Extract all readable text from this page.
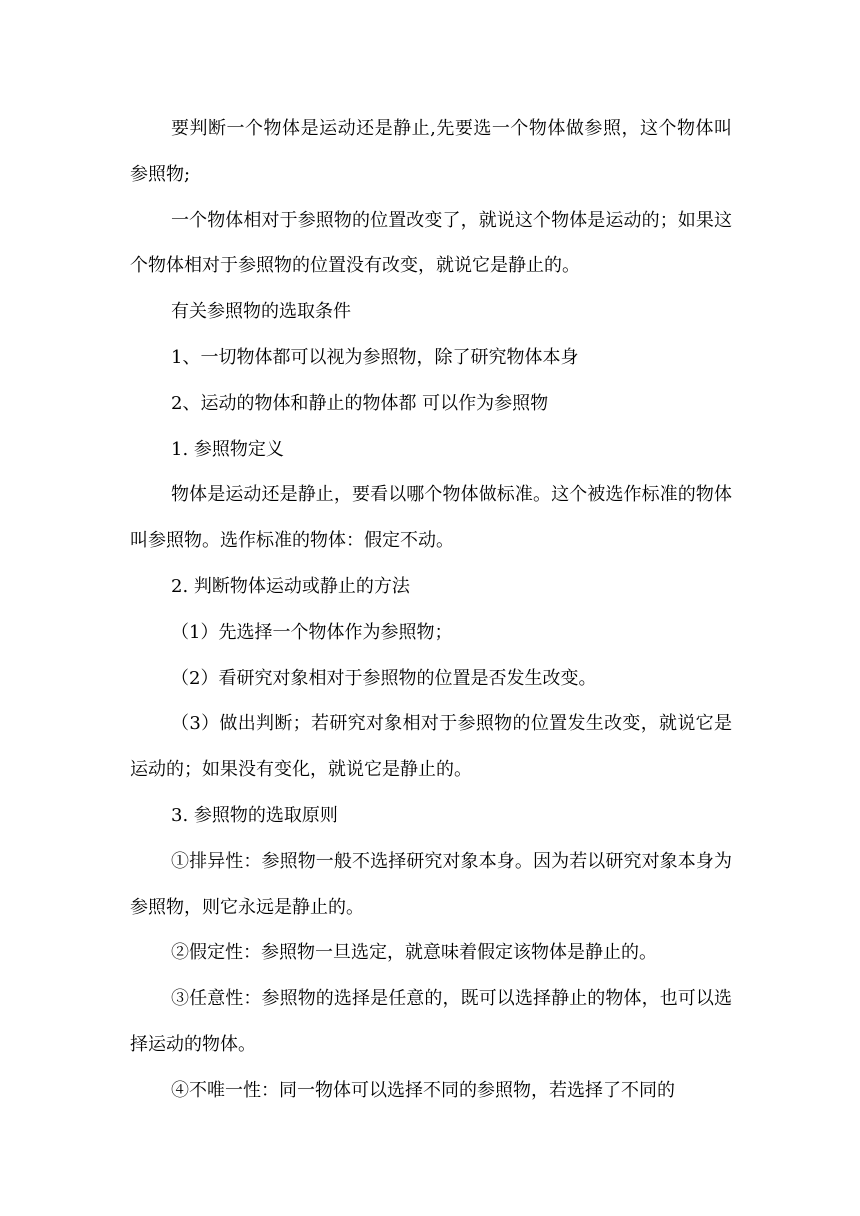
要判断一个物体是运动还是静止,先要选一个物体做参照，这个物体叫参照物;

一个物体相对于参照物的位置改变了，就说这个物体是运动的；如果这个物体相对于参照物的位置没有改变，就说它是静止的。

有关参照物的选取条件

1、一切物体都可以视为参照物，除了研究物体本身

2、运动的物体和静止的物体都 可以作为参照物

1. 参照物定义

物体是运动还是静止，要看以哪个物体做标准。这个被选作标准的物体叫参照物。选作标准的物体：假定不动。

2. 判断物体运动或静止的方法

（1）先选择一个物体作为参照物；

（2）看研究对象相对于参照物的位置是否发生改变。

（3）做出判断；若研究对象相对于参照物的位置发生改变，就说它是运动的；如果没有变化，就说它是静止的。

3. 参照物的选取原则

①排异性：参照物一般不选择研究对象本身。因为若以研究对象本身为参照物，则它永远是静止的。

②假定性：参照物一旦选定，就意味着假定该物体是静止的。

③任意性：参照物的选择是任意的，既可以选择静止的物体，也可以选择运动的物体。

④不唯一性：同一物体可以选择不同的参照物，若选择了不同的
